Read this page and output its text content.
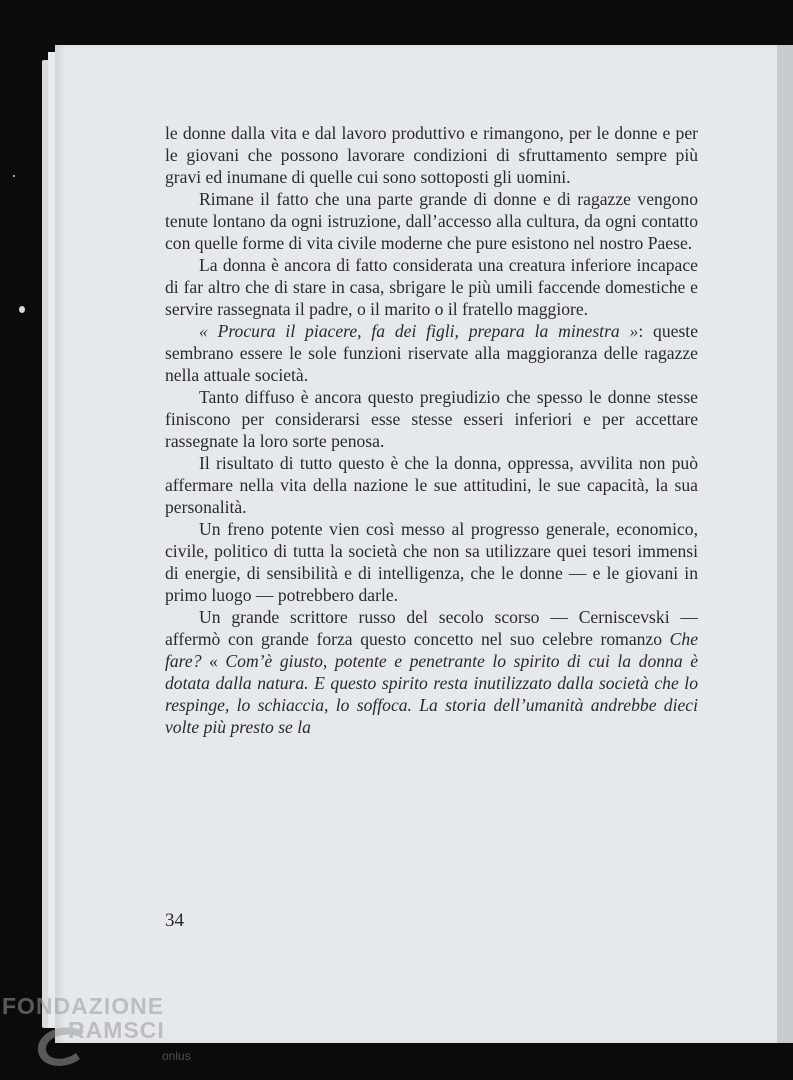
le donne dalla vita e dal lavoro produttivo e rimangono, per le donne e per le giovani che possono lavorare condizioni di sfruttamento sempre più gravi ed inumane di quelle cui sono sottoposti gli uomini.

Rimane il fatto che una parte grande di donne e di ragazze vengono tenute lontano da ogni istruzione, dall’accesso alla cultura, da ogni contatto con quelle forme di vita civile moderne che pure esistono nel nostro Paese.

La donna è ancora di fatto considerata una creatura inferiore incapace di far altro che di stare in casa, sbrigare le più umili faccende domestiche e servire rassegnata il padre, o il marito o il fratello maggiore.

« Procura il piacere, fa dei figli, prepara la minestra »: queste sembrano essere le sole funzioni riservate alla maggioranza delle ragazze nella attuale società.

Tanto diffuso è ancora questo pregiudizio che spesso le donne stesse finiscono per considerarsi esse stesse esseri inferiori e per accettare rassegnate la loro sorte penosa.

Il risultato di tutto questo è che la donna, oppressa, avvilita non può affermare nella vita della nazione le sue attitudini, le sue capacità, la sua personalità.

Un freno potente vien così messo al progresso generale, economico, civile, politico di tutta la società che non sa utilizzare quei tesori immensi di energie, di sensibilità e di intelligenza, che le donne — e le giovani in primo luogo — potrebbero darle.

Un grande scrittore russo del secolo scorso — Cerniscevski — affermò con grande forza questo concetto nel suo celebre romanzo Che fare? « Com’è giusto, potente e penetrante lo spirito di cui la donna è dotata dalla natura. E questo spirito resta inutilizzato dalla società che lo respinge, lo schiaccia, lo soffoca. La storia dell’umanità andrebbe dieci volte più presto se la

34
FONDAZIONE
RAMSCI
onlus
